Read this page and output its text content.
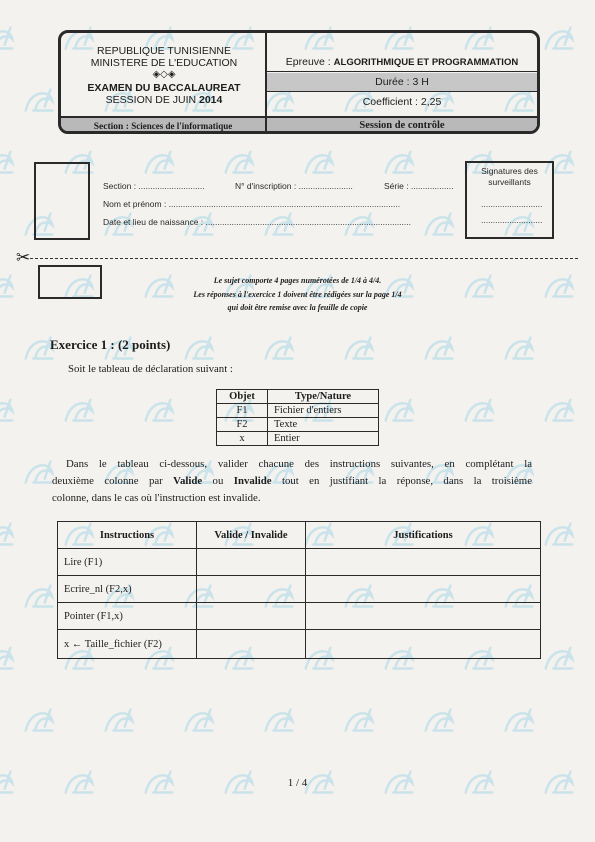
REPUBLIQUE TUNISIENNE
MINISTERE DE L'EDUCATION
◈◇◈
EXAMEN DU BACCALAUREAT
SESSION DE JUIN 2014
Epreuve : ALGORITHMIQUE ET PROGRAMMATION
Durée : 3 H
Coefficient : 2,25
Section : Sciences de l'informatique	Session de contrôle
Section : ............................	N° d'inscription : .......................	Série : ..................
Nom et prénom : ..................................................................................................
Date et lieu de naissance : .......................................................................................
Signatures des surveillants
..........................
..........................
✂
Le sujet comporte 4 pages numérotées de 1/4 à 4/4.
Les réponses à l'exercice 1 doivent être rédigées sur la page 1/4
qui doit être remise avec la feuille de copie
Exercice 1 : (2 points)
Soit le tableau de déclaration suivant :
Objet	Type/Nature
F1	Fichier d'entiers
F2	Texte
x	Entier
Dans le tableau ci-dessous, valider chacune des instructions suivantes, en complétant la
deuxième colonne par Valide ou Invalide tout en justifiant la réponse, dans la troisième
colonne, dans le cas où l'instruction est invalide.
Instructions	Valide / Invalide	Justifications
Lire (F1)		
Ecrire_nl (F2,x)		
Pointer (F1,x)		
x ← Taille_fichier (F2)		
1 / 4
